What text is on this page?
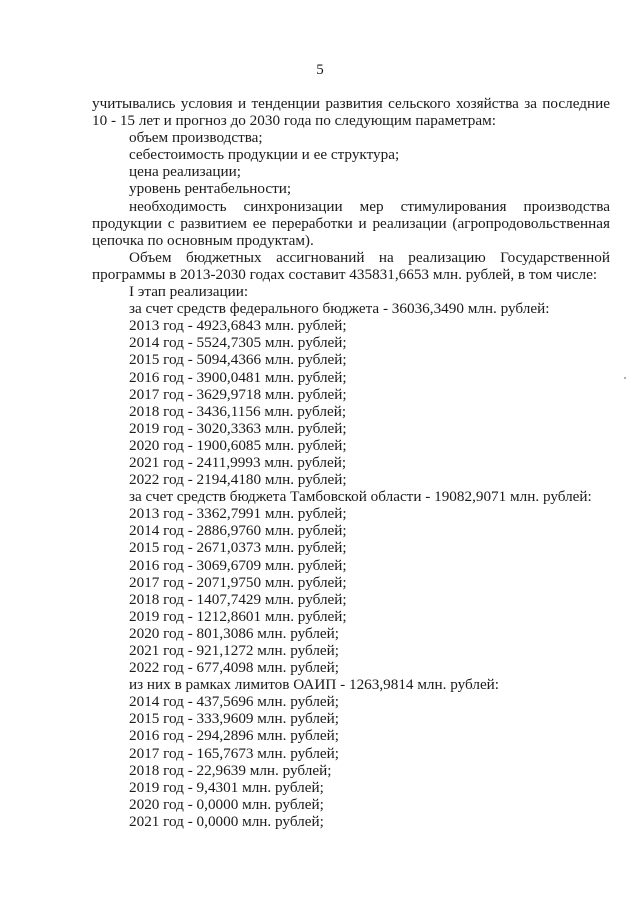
5

учитывались условия и тенденции развития сельского хозяйства за последние 10 - 15 лет и прогноз до 2030 года по следующим параметрам:

объем производства;

себестоимость продукции и ее структура;

цена реализации;

уровень рентабельности;

необходимость синхронизации мер стимулирования производства продукции с развитием ее переработки и реализации (агропродовольственная цепочка по основным продуктам).

Объем бюджетных ассигнований на реализацию Государственной программы в 2013-2030 годах составит 435831,6653 млн. рублей, в том числе:

I этап реализации:

за счет средств федерального бюджета - 36036,3490 млн. рублей:

2013 год - 4923,6843 млн. рублей;

2014 год - 5524,7305 млн. рублей;

2015 год - 5094,4366 млн. рублей;

2016 год - 3900,0481 млн. рублей;

2017 год - 3629,9718 млн. рублей;

2018 год - 3436,1156 млн. рублей;

2019 год - 3020,3363 млн. рублей;

2020 год - 1900,6085 млн. рублей;

2021 год - 2411,9993 млн. рублей;

2022 год - 2194,4180 млн. рублей;

за счет средств бюджета Тамбовской области - 19082,9071 млн. рублей:

2013 год - 3362,7991 млн. рублей;

2014 год - 2886,9760 млн. рублей;

2015 год - 2671,0373 млн. рублей;

2016 год - 3069,6709 млн. рублей;

2017 год - 2071,9750 млн. рублей;

2018 год - 1407,7429 млн. рублей;

2019 год - 1212,8601 млн. рублей;

2020 год - 801,3086 млн. рублей;

2021 год - 921,1272 млн. рублей;

2022 год - 677,4098 млн. рублей;

из них в рамках лимитов ОАИП - 1263,9814 млн. рублей:

2014 год - 437,5696 млн. рублей;

2015 год - 333,9609 млн. рублей;

2016 год - 294,2896 млн. рублей;

2017 год - 165,7673 млн. рублей;

2018 год - 22,9639 млн. рублей;

2019 год - 9,4301 млн. рублей;

2020 год - 0,0000 млн. рублей;

2021 год - 0,0000 млн. рублей;
